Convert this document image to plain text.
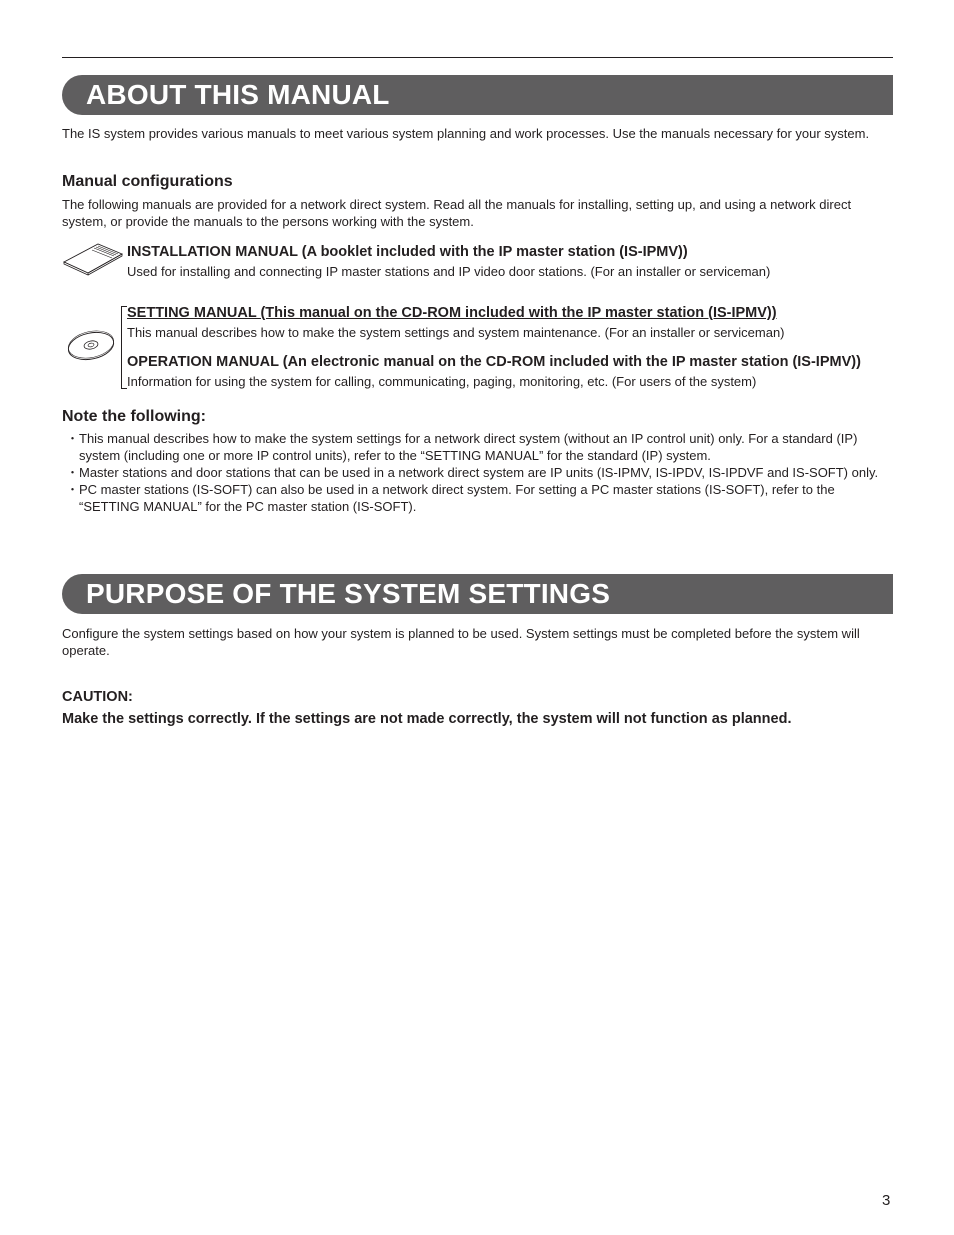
ABOUT THIS MANUAL
The IS system provides various manuals to meet various system planning and work processes. Use the manuals necessary for your system.
Manual configurations
The following manuals are provided for a network direct system. Read all the manuals for installing, setting up, and using a network direct system, or provide the manuals to the persons working with the system.
INSTALLATION MANUAL (A booklet included with the IP master station (IS-IPMV))
Used for installing and connecting IP master stations and IP video door stations. (For an installer or serviceman)
SETTING MANUAL (This manual on the CD-ROM included with the IP master station (IS-IPMV))
This manual describes how to make the system settings and system maintenance. (For an installer or serviceman)
OPERATION MANUAL (An electronic manual on the CD-ROM included with the IP master station (IS-IPMV))
Information for using the system for calling, communicating, paging, monitoring, etc. (For users of the system)
Note the following:
・ This manual describes how to make the system settings for a network direct system (without an IP control unit) only. For a standard (IP) system (including one or more IP control units), refer to the “SETTING MANUAL” for the standard (IP) system.
・ Master stations and door stations that can be used in a network direct system are IP units (IS-IPMV, IS-IPDV, IS-IPDVF and IS-SOFT) only.
・ PC master stations (IS-SOFT) can also be used in a network direct system. For setting a PC master stations (IS-SOFT), refer to the “SETTING MANUAL” for the PC master station (IS-SOFT).
PURPOSE OF THE SYSTEM SETTINGS
Configure the system settings based on how your system is planned to be used. System settings must be completed before the system will operate.
CAUTION:
Make the settings correctly. If the settings are not made correctly, the system will not function as planned.
3
